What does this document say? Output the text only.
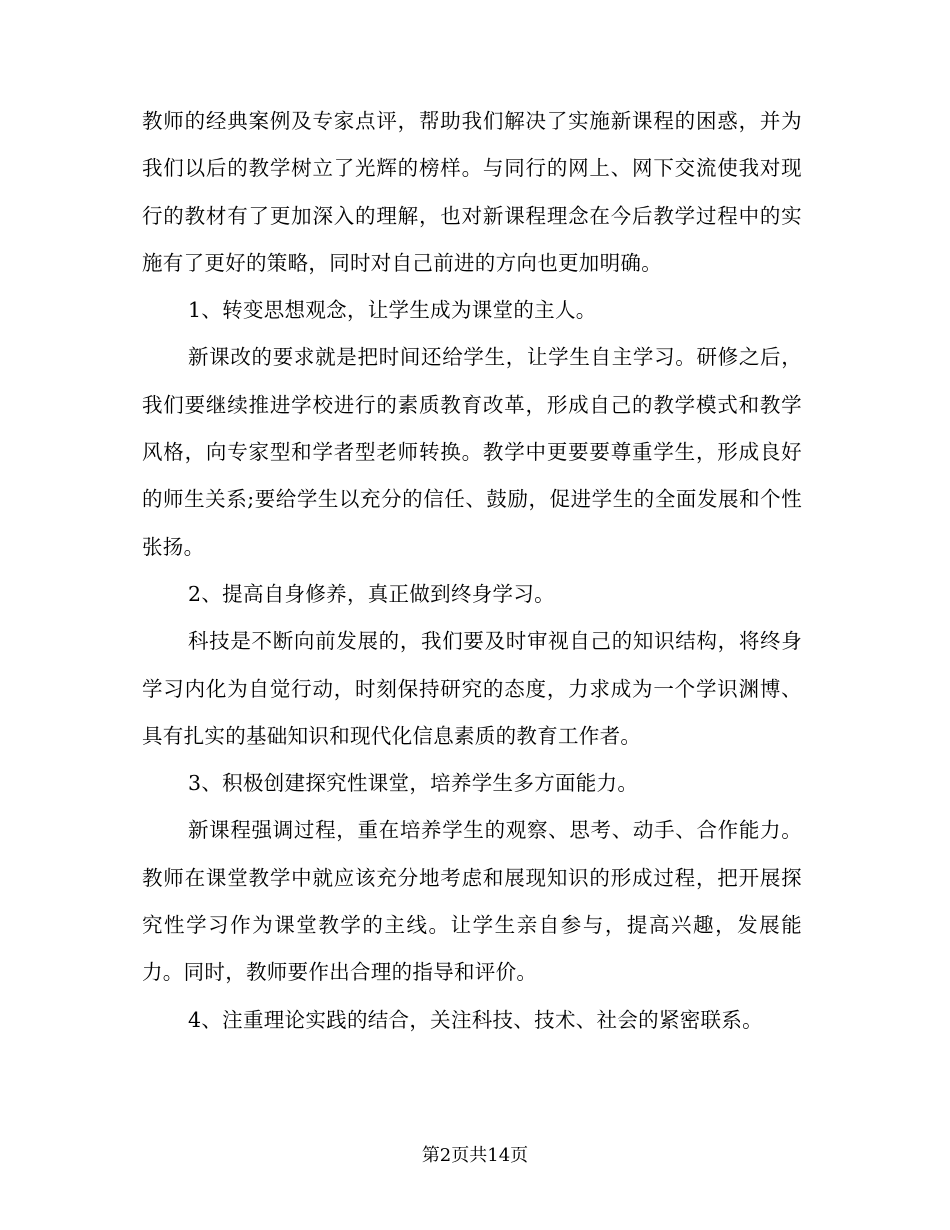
教师的经典案例及专家点评，帮助我们解决了实施新课程的困惑，并为我们以后的教学树立了光辉的榜样。与同行的网上、网下交流使我对现行的教材有了更加深入的理解，也对新课程理念在今后教学过程中的实施有了更好的策略，同时对自己前进的方向也更加明确。

1、转变思想观念，让学生成为课堂的主人。

新课改的要求就是把时间还给学生，让学生自主学习。研修之后，我们要继续推进学校进行的素质教育改革，形成自己的教学模式和教学风格，向专家型和学者型老师转换。教学中更要要尊重学生，形成良好的师生关系;要给学生以充分的信任、鼓励，促进学生的全面发展和个性张扬。

2、提高自身修养，真正做到终身学习。

科技是不断向前发展的，我们要及时审视自己的知识结构，将终身学习内化为自觉行动，时刻保持研究的态度，力求成为一个学识渊博、具有扎实的基础知识和现代化信息素质的教育工作者。

3、积极创建探究性课堂，培养学生多方面能力。

新课程强调过程，重在培养学生的观察、思考、动手、合作能力。教师在课堂教学中就应该充分地考虑和展现知识的形成过程，把开展探究性学习作为课堂教学的主线。让学生亲自参与，提高兴趣，发展能力。同时，教师要作出合理的指导和评价。

4、注重理论实践的结合，关注科技、技术、社会的紧密联系。

第2页共14页
